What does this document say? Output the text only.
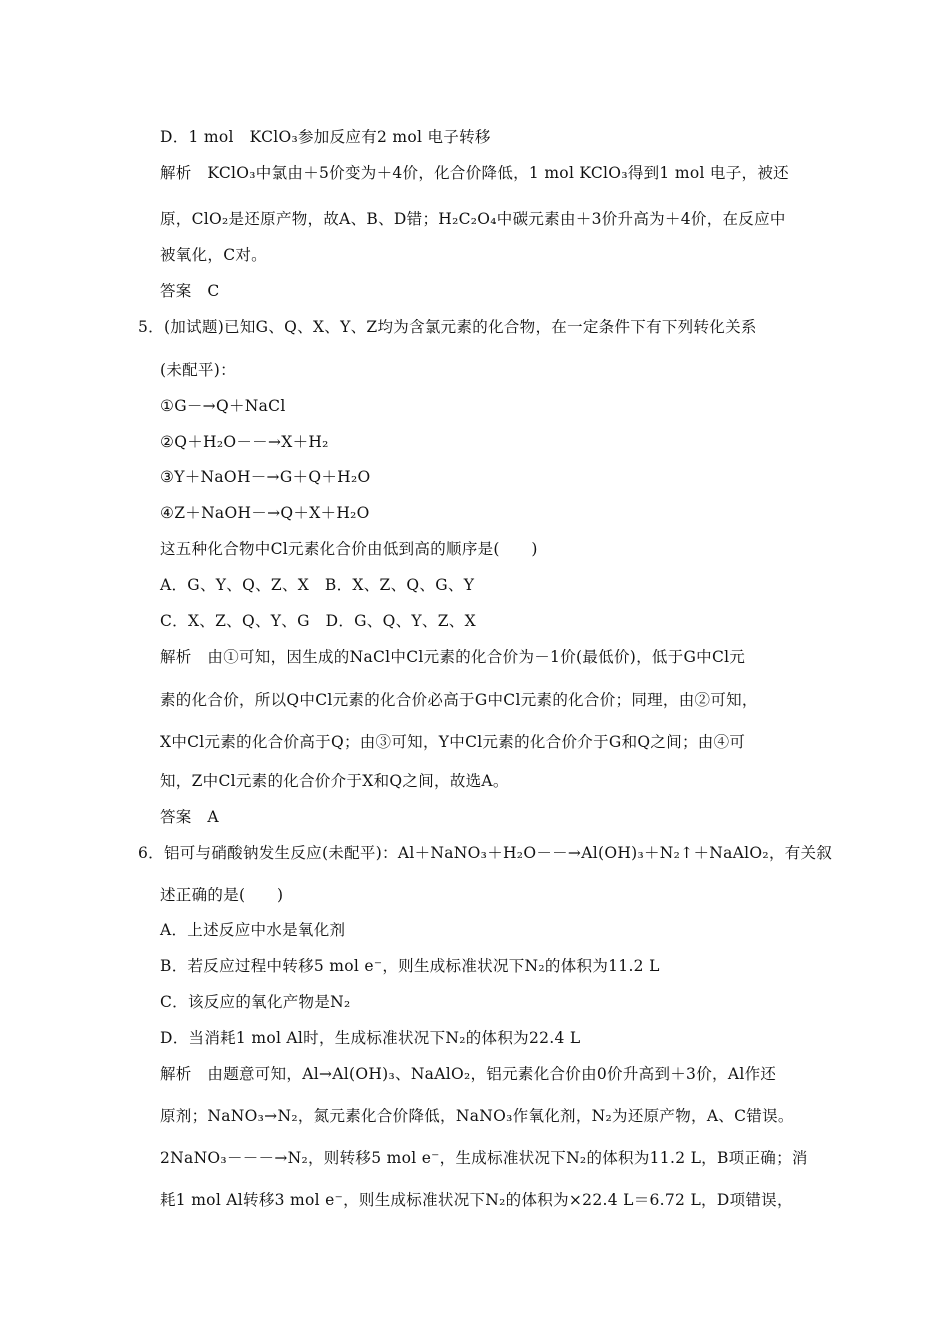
D．1 mol　KClO₃参加反应有2 mol 电子转移
解析　KClO₃中氯由＋5价变为＋4价，化合价降低，1 mol KClO₃得到1 mol 电子，被还
原，ClO₂是还原产物，故A、B、D错；H₂C₂O₄中碳元素由＋3价升高为＋4价，在反应中
被氧化，C对。
答案　C
5．(加试题)已知G、Q、X、Y、Z均为含氯元素的化合物，在一定条件下有下列转化关系
(未配平)：
①G－→Q＋NaCl
②Q＋H₂O－－→X＋H₂
③Y＋NaOH－→G＋Q＋H₂O
④Z＋NaOH－→Q＋X＋H₂O
这五种化合物中Cl元素化合价由低到高的顺序是(　　)
A．G、Y、Q、Z、X　B．X、Z、Q、G、Y
C．X、Z、Q、Y、G　D．G、Q、Y、Z、X
解析　由①可知，因生成的NaCl中Cl元素的化合价为－1价(最低价)，低于G中Cl元
素的化合价，所以Q中Cl元素的化合价必高于G中Cl元素的化合价；同理，由②可知，
X中Cl元素的化合价高于Q；由③可知，Y中Cl元素的化合价介于G和Q之间；由④可
知，Z中Cl元素的化合价介于X和Q之间，故选A。
答案　A
6．铝可与硝酸钠发生反应(未配平)：Al＋NaNO₃＋H₂O－－→Al(OH)₃＋N₂↑＋NaAlO₂，有关叙
述正确的是(　　)
A．上述反应中水是氧化剂
B．若反应过程中转移5 mol e⁻，则生成标准状况下N₂的体积为11.2 L
C．该反应的氧化产物是N₂
D．当消耗1 mol Al时，生成标准状况下N₂的体积为22.4 L
解析　由题意可知，Al→Al(OH)₃、NaAlO₂，铝元素化合价由0价升高到＋3价，Al作还
原剂；NaNO₃→N₂，氮元素化合价降低，NaNO₃作氧化剂，N₂为还原产物，A、C错误。
2NaNO₃－－－→N₂，则转移5 mol e⁻，生成标准状况下N₂的体积为11.2 L，B项正确；消
耗1 mol Al转移3 mol e⁻，则生成标准状况下N₂的体积为×22.4 L＝6.72 L，D项错误，
